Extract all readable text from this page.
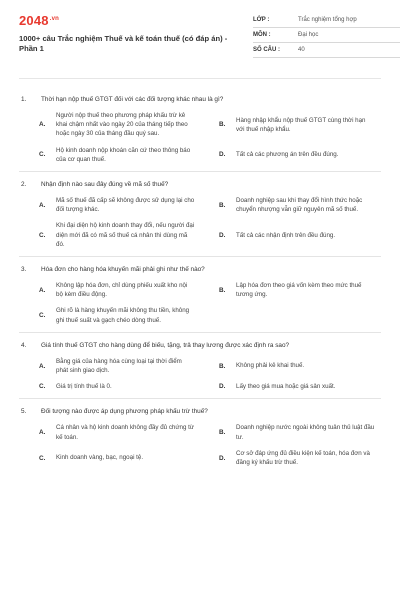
$2048^{.vn}$
1000+ câu Trắc nghiệm Thuế và kế toán thuế (có đáp án) - Phần 1
LỚP :	Trắc nghiệm tổng hợp
MÔN :	Đại học
SỐ CÂU :	40
1. Thời hạn nộp thuế GTGT đối với các đối tượng khác nhau là gì?
A.
Người nộp thuế theo phương pháp khấu trừ kê khai chậm nhất vào ngày 20 của tháng tiếp theo hoặc ngày 30 của tháng đầu quý sau.
B.
Hàng nhập khẩu nộp thuế GTGT cùng thời hạn với thuế nhập khẩu.
C.
Hộ kinh doanh nộp khoán căn cứ theo thông báo của cơ quan thuế.
D.	Tất cả các phương án trên đều đúng.
2. Nhận định nào sau đây đúng về mã số thuế?
A.
Mã số thuế đã cấp sẽ không được sử dụng lại cho đối tượng khác.
B.
Doanh nghiệp sau khi thay đổi hình thức hoặc chuyển nhượng vẫn giữ nguyên mã số thuế.
C.
Khi đại diện hộ kinh doanh thay đổi, nếu người đại diện mới đã có mã số thuế cá nhân thì dùng mã đó.
D.	Tất cả các nhận định trên đều đúng.
3. Hóa đơn cho hàng hóa khuyến mãi phải ghi như thế nào?
A.
Không lập hóa đơn, chỉ dùng phiếu xuất kho nội bộ kèm điều động.
B.
Lập hóa đơn theo giá vốn kèm theo mức thuế tương ứng.
C.
Ghi rõ là hàng khuyến mãi không thu tiền, không ghi thuế suất và gạch chéo dòng thuế.
4. Giá tính thuế GTGT cho hàng dùng để biếu, tặng, trả thay lương được xác định ra sao?
A.
Bằng giá của hàng hóa cùng loại tại thời điểm phát sinh giao dịch.
B.	Không phải kê khai thuế.
C.	Giá trị tính thuế là 0.	D.	Lấy theo giá mua hoặc giá sản xuất.
5. Đối tượng nào được áp dụng phương pháp khấu trừ thuế?
A.
Cá nhân và hộ kinh doanh không đầy đủ chứng từ kế toán.
B.
Doanh nghiệp nước ngoài không tuân thủ luật đầu tư.
C.	Kinh doanh vàng, bạc, ngoại tệ.	D.
Cơ sở đáp ứng đủ điều kiện kế toán, hóa đơn và đăng ký khấu trừ thuế.
